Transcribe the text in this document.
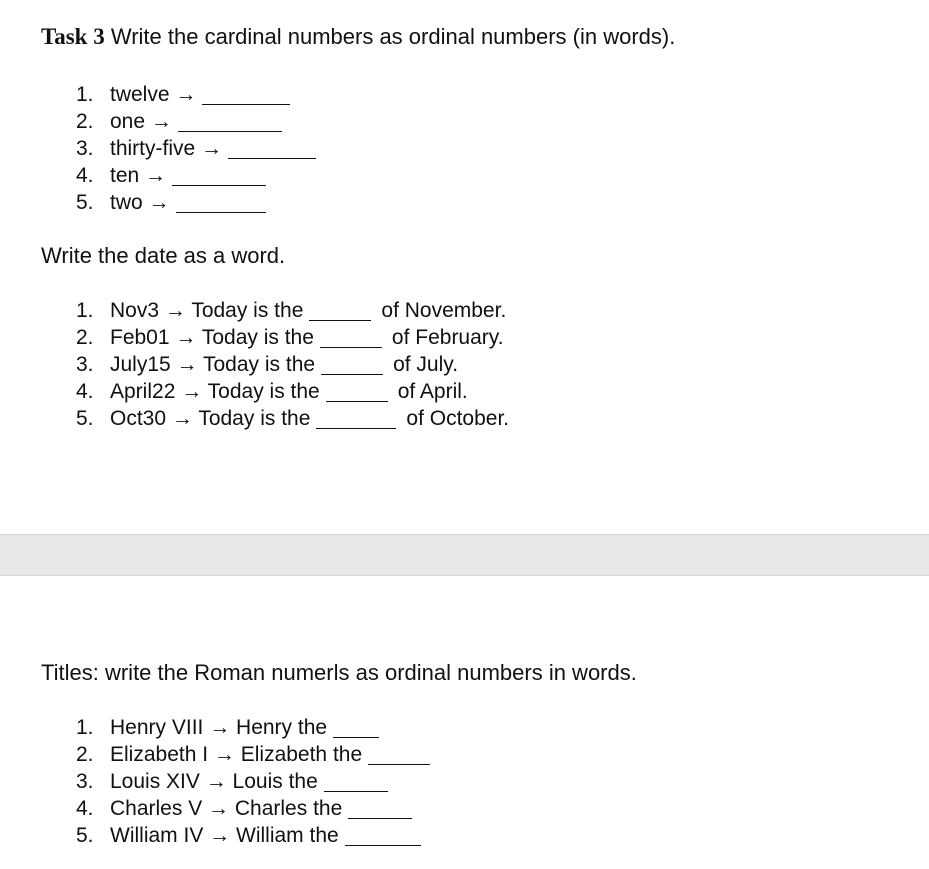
Task 3 Write the cardinal numbers as ordinal numbers (in words).
1. twelve →
2. one →
3. thirty-five →
4. ten →
5. two →
Write the date as a word.
1. Nov3 → Today is the	of November.
2. Feb01 → Today is the	of February.
3. July15 → Today is the	of July.
4. April22 → Today is the	of April.
5. Oct30 → Today is the	of October.
Titles: write the Roman numerls as ordinal numbers in words.
1. Henry VIII → Henry the
2. Elizabeth I → Elizabeth the
3. Louis XIV → Louis the
4. Charles V → Charles the
5. William IV → William the
